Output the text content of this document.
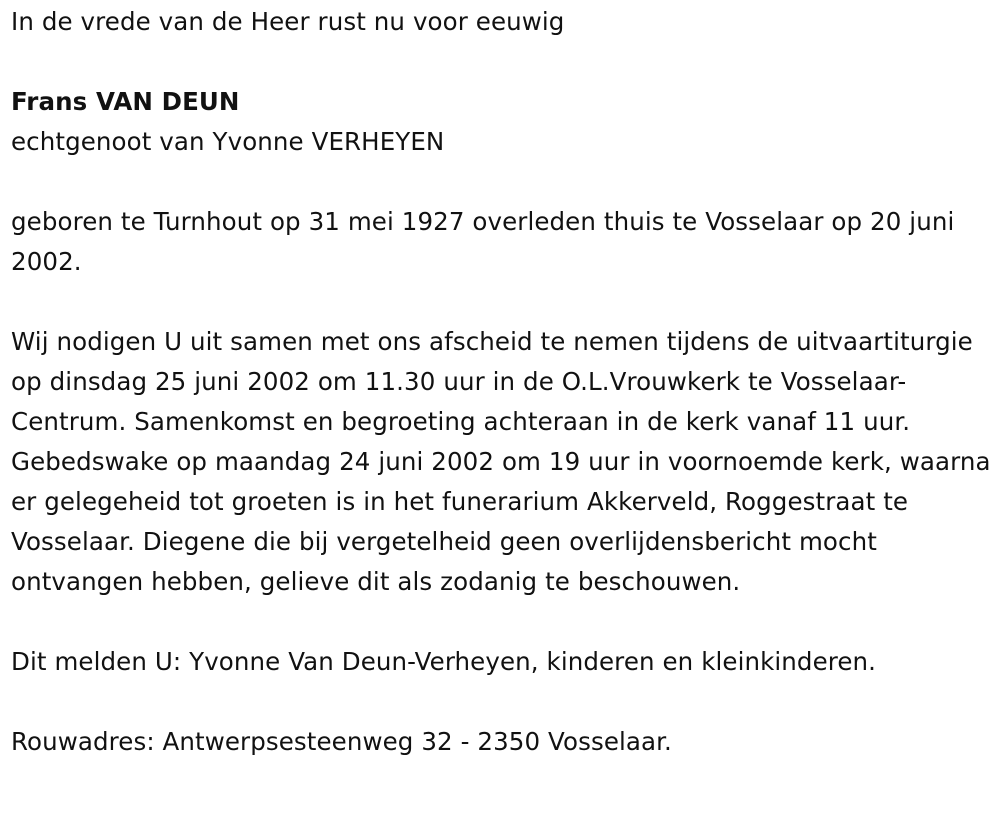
In de vrede van de Heer rust nu voor eeuwig

Frans VAN DEUN

echtgenoot van Yvonne VERHEYEN

geboren te Turnhout op 31 mei 1927 overleden thuis te Vosselaar op 20 juni 2002.

Wij nodigen U uit samen met ons afscheid te nemen tijdens de uitvaartiturgie op dinsdag 25 juni 2002 om 11.30 uur in de O.L.Vrouwkerk te Vosselaar-Centrum. Samenkomst en begroeting achteraan in de kerk vanaf 11 uur. Gebedswake op maandag 24 juni 2002 om 19 uur in voornoemde kerk, waarna er gelegeheid tot groeten is in het funerarium Akkerveld, Roggestraat te Vosselaar. Diegene die bij vergetelheid geen overlijdensbericht mocht ontvangen hebben, gelieve dit als zodanig te beschouwen.

Dit melden U: Yvonne Van Deun-Verheyen, kinderen en kleinkinderen.

Rouwadres: Antwerpsesteenweg 32 - 2350 Vosselaar.
